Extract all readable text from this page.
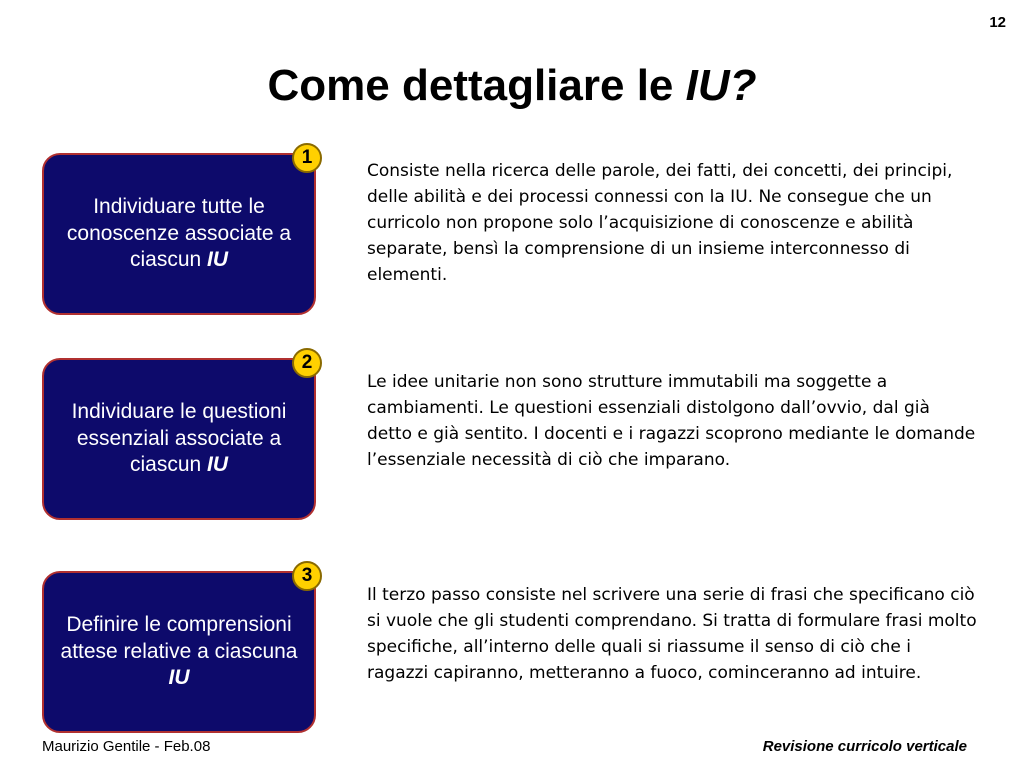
12
Come dettagliare le IU?
Individuare tutte le conoscenze associate a ciascun IU
1

Consiste nella ricerca delle parole, dei fatti, dei concetti, dei principi, delle abilità e dei processi connessi con la IU. Ne consegue che un curricolo non propone solo l’acquisizione di conoscenze e abilità separate, bensì la comprensione di un insieme interconnesso di elementi.

Individuare le questioni essenziali associate a ciascun IU
2

Le idee unitarie non sono strutture immutabili ma soggette a cambiamenti. Le questioni essenziali distolgono dall’ovvio, dal già detto e già sentito. I docenti e i ragazzi scoprono mediante le domande l’essenziale necessità di ciò che imparano.

Definire le comprensioni attese relative a ciascuna IU
3

Il terzo passo consiste nel scrivere una serie di frasi che specificano ciò si vuole che gli studenti comprendano. Si tratta di formulare frasi molto specifiche, all’interno delle quali si riassume il senso di ciò che i ragazzi capiranno, metteranno a fuoco, cominceranno ad intuire.

Maurizio Gentile - Feb.08	Revisione curricolo verticale
